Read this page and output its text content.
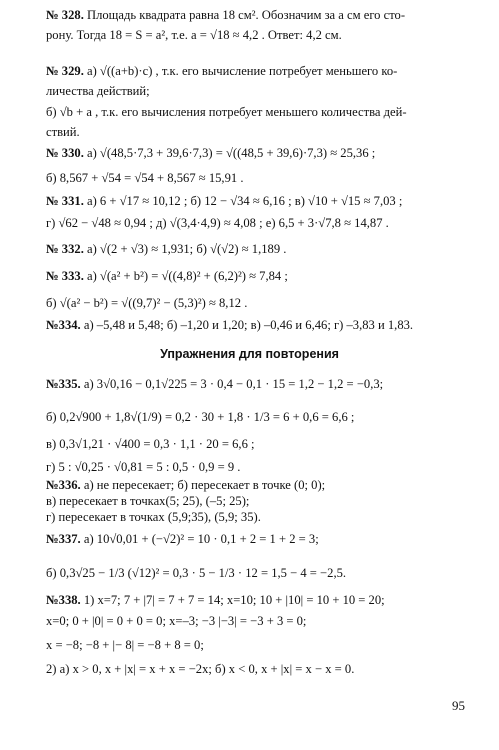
№ 328. Площадь квадрата равна 18 см². Обозначим за a см его сто-
рону. Тогда 18 = S = a², т.е. a = √18 ≈ 4,2 . Ответ: 4,2 см.
№ 329. а) √((a+b)·c) , т.к. его вычисление потребует меньшего ко-
личества действий;
б) √b + a , т.к. его вычисления потребует меньшего количества дей-
ствий.
№ 330. а) √(48,5·7,3 + 39,6·7,3) = √((48,5 + 39,6)·7,3) ≈ 25,36 ;
б) 8,567 + √54 = √54 + 8,567 ≈ 15,91 .
№ 331. а) 6 + √17 ≈ 10,12 ; б) 12 − √34 ≈ 6,16 ; в) √10 + √15 ≈ 7,03 ;
г) √62 − √48 ≈ 0,94 ; д) √(3,4·4,9) ≈ 4,08 ; е) 6,5 + 3·√7,8 ≈ 14,87 .
№ 332. а) √(2 + √3) ≈ 1,931; б) √(√2) ≈ 1,189 .
№ 333. а) √(a² + b²) = √((4,8)² + (6,2)²) ≈ 7,84 ;
б) √(a² − b²) = √((9,7)² − (5,3)²) ≈ 8,12 .
№334. а) –5,48 и 5,48; б) –1,20 и 1,20; в) –0,46 и 6,46; г) –3,83 и 1,83.
Упражнения для повторения
№335. а) 3√0,16 − 0,1√225 = 3 · 0,4 − 0,1 · 15 = 1,2 − 1,2 = −0,3;
б) 0,2√900 + 1,8√(1/9) = 0,2 · 30 + 1,8 · 1/3 = 6 + 0,6 = 6,6 ;
в) 0,3√1,21 · √400 = 0,3 · 1,1 · 20 = 6,6 ;
г) 5 : √0,25 · √0,81 = 5 : 0,5 · 0,9 = 9 .
№336. а) не пересекает; б) пересекает в точке (0; 0);
в) пересекает в точках(5; 25), (–5; 25);
г) пересекает в точках (5,9;35), (5,9; 35).
№337. а) 10√0,01 + (−√2)² = 10 · 0,1 + 2 = 1 + 2 = 3;
б) 0,3√25 − 1/3 (√12)² = 0,3 · 5 − 1/3 · 12 = 1,5 − 4 = −2,5.
№338. 1) x=7; 7 + |7| = 7 + 7 = 14; x=10; 10 + |10| = 10 + 10 = 20;
x=0; 0 + |0| = 0 + 0 = 0; x=–3; −3 |−3| = −3 + 3 = 0;
x = −8; −8 + |− 8| = −8 + 8 = 0;
2) а) x > 0, x + |x| = x + x = −2x; б) x < 0, x + |x| = x − x = 0.
95
